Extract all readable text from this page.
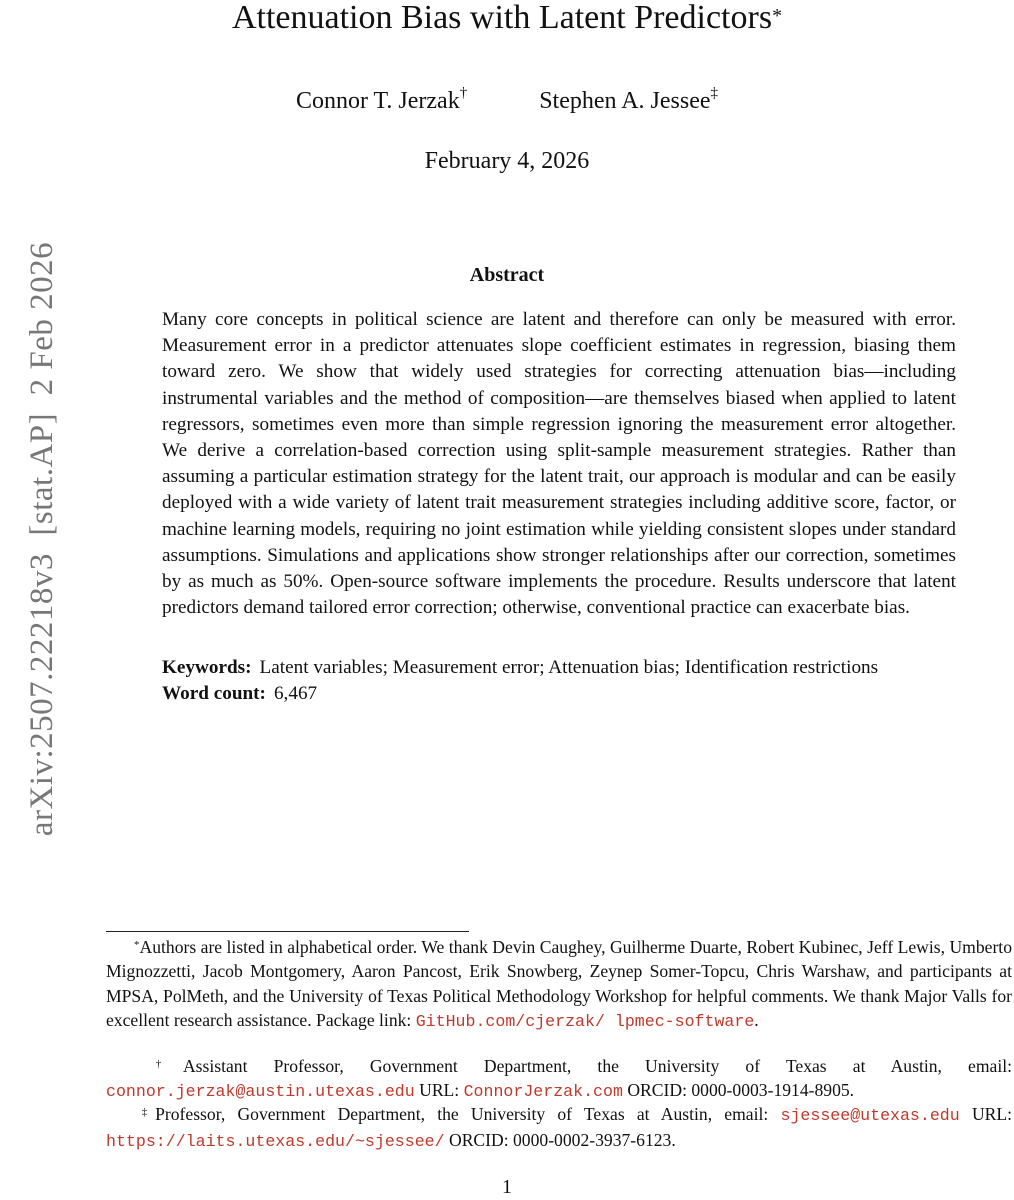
arXiv:2507.22218v3  [stat.AP]  2 Feb 2026
Attenuation Bias with Latent Predictors*
Connor T. Jerzak†	Stephen A. Jessee‡
February 4, 2026
Abstract
Many core concepts in political science are latent and therefore can only be measured with error. Measurement error in a predictor attenuates slope coefficient estimates in regression, biasing them toward zero. We show that widely used strategies for correcting attenuation bias—including instrumental variables and the method of composition—are themselves biased when applied to latent regressors, sometimes even more than simple regression ignoring the measurement error altogether. We derive a correlation-based correction using split-sample measurement strategies. Rather than assuming a particular estimation strategy for the latent trait, our approach is modular and can be easily deployed with a wide variety of latent trait measurement strategies including additive score, factor, or machine learning models, requiring no joint estimation while yielding consistent slopes under standard assumptions. Simulations and applications show stronger relationships after our correction, sometimes by as much as 50%. Open-source software implements the procedure. Results underscore that latent predictors demand tailored error correction; otherwise, conventional practice can exacerbate bias.
Keywords: Latent variables; Measurement error; Attenuation bias; Identification restrictions
Word count: 6,467
*Authors are listed in alphabetical order. We thank Devin Caughey, Guilherme Duarte, Robert Kubinec, Jeff Lewis, Umberto Mignozzetti, Jacob Montgomery, Aaron Pancost, Erik Snowberg, Zeynep Somer-Topcu, Chris Warshaw, and participants at MPSA, PolMeth, and the University of Texas Political Methodology Workshop for helpful comments. We thank Major Valls for excellent research assistance. Package link: GitHub.com/cjerzak/ lpmec-software.
†Assistant Professor, Government Department, the University of Texas at Austin, email: connor.jerzak@austin.utexas.edu URL: ConnorJerzak.com ORCID: 0000-0003-1914-8905.
‡Professor, Government Department, the University of Texas at Austin, email: sjessee@utexas.edu URL: https://laits.utexas.edu/~sjessee/ ORCID: 0000-0002-3937-6123.
1
